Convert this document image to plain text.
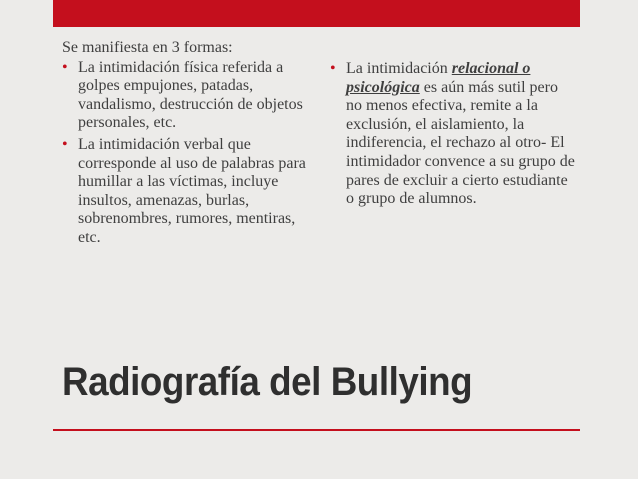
Se manifiesta en 3 formas:

• La intimidación física referida a golpes empujones, patadas, vandalismo, destrucción de objetos personales, etc.
• La intimidación verbal que corresponde al uso de palabras para humillar a las víctimas, incluye insultos, amenazas, burlas, sobrenombres, rumores, mentiras, etc.
• La intimidación relacional o psicológica es aún más sutil pero no menos efectiva, remite a la exclusión, el aislamiento, la indiferencia, el rechazo al otro- El intimidador convence a su grupo de pares de excluir a cierto estudiante o grupo de alumnos.
Radiografía del Bullying
